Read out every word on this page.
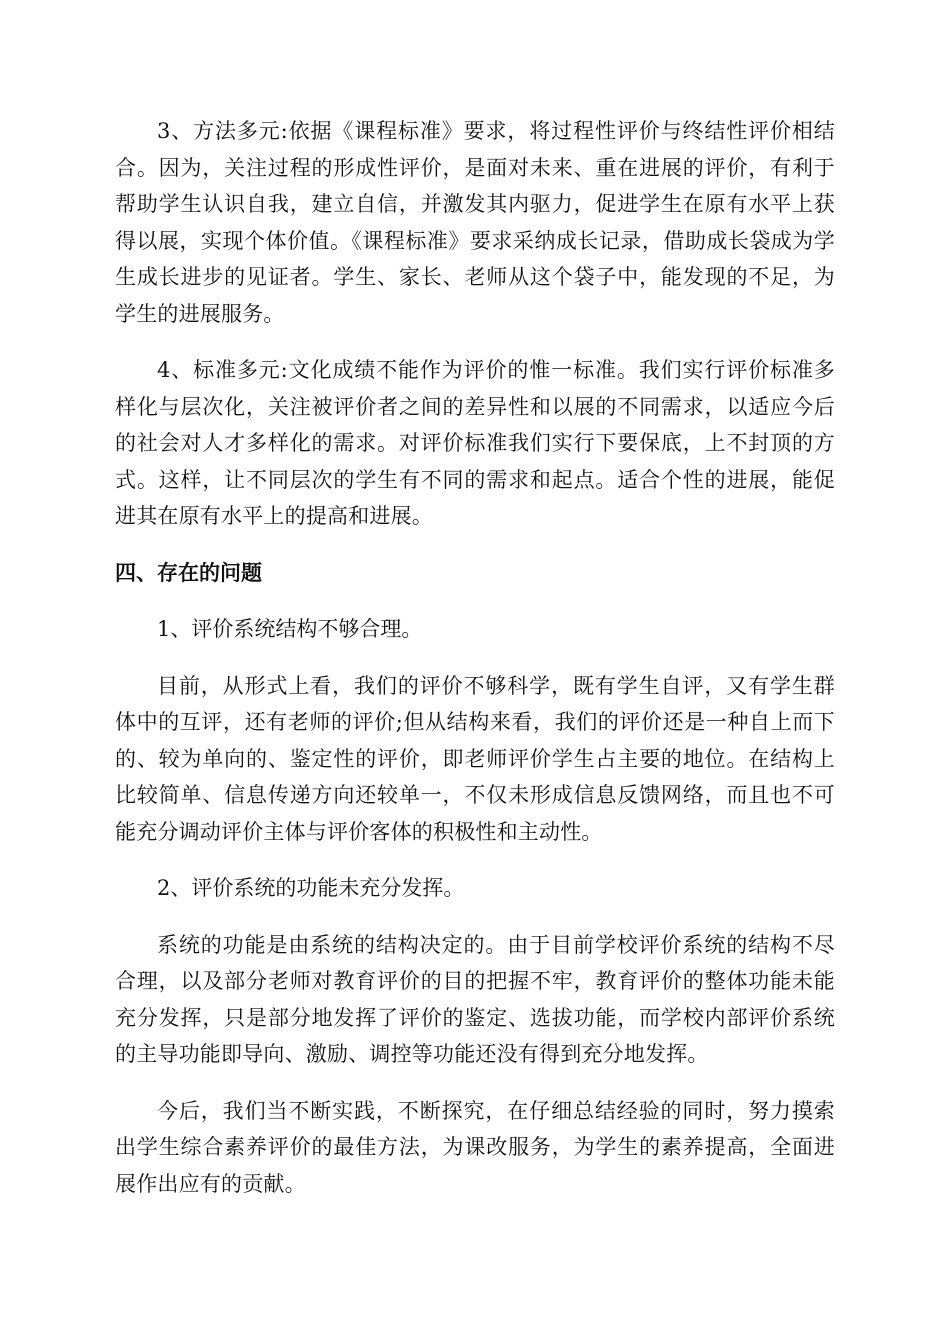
3、方法多元:依据《课程标准》要求，将过程性评价与终结性评价相结合。因为，关注过程的形成性评价，是面对未来、重在进展的评价，有利于帮助学生认识自我，建立自信，并激发其内驱力，促进学生在原有水平上获得以展，实现个体价值。《课程标准》要求采纳成长记录，借助成长袋成为学生成长进步的见证者。学生、家长、老师从这个袋子中，能发现的不足，为学生的进展服务。

4、标准多元:文化成绩不能作为评价的惟一标准。我们实行评价标准多样化与层次化，关注被评价者之间的差异性和以展的不同需求，以适应今后的社会对人才多样化的需求。对评价标准我们实行下要保底，上不封顶的方式。这样，让不同层次的学生有不同的需求和起点。适合个性的进展，能促进其在原有水平上的提高和进展。

四、存在的问题

1、评价系统结构不够合理。

目前，从形式上看，我们的评价不够科学，既有学生自评，又有学生群体中的互评，还有老师的评价;但从结构来看，我们的评价还是一种自上而下的、较为单向的、鉴定性的评价，即老师评价学生占主要的地位。在结构上比较简单、信息传递方向还较单一，不仅未形成信息反馈网络，而且也不可能充分调动评价主体与评价客体的积极性和主动性。

2、评价系统的功能未充分发挥。

系统的功能是由系统的结构决定的。由于目前学校评价系统的结构不尽合理，以及部分老师对教育评价的目的把握不牢，教育评价的整体功能未能充分发挥，只是部分地发挥了评价的鉴定、选拔功能，而学校内部评价系统的主导功能即导向、激励、调控等功能还没有得到充分地发挥。

今后，我们当不断实践，不断探究，在仔细总结经验的同时，努力摸索出学生综合素养评价的最佳方法，为课改服务，为学生的素养提高，全面进展作出应有的贡献。
